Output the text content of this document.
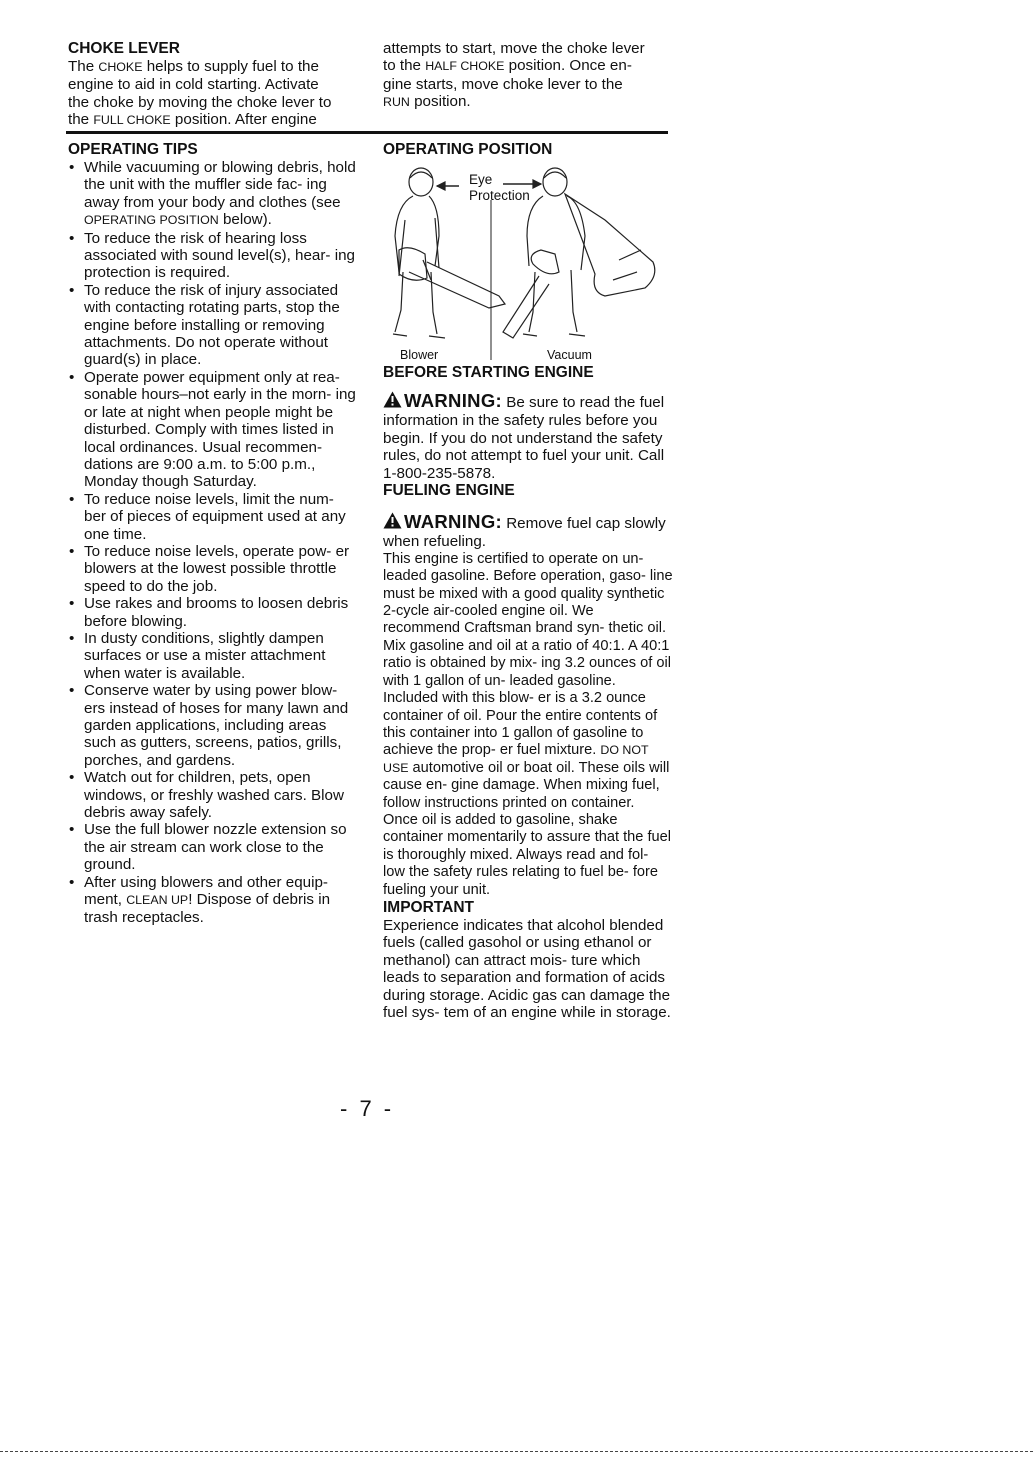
CHOKE LEVER

The CHOKE helps to supply fuel to the

engine to aid in cold starting. Activate

the choke by moving the choke lever to

the FULL CHOKE position. After engine

attempts to start, move the choke lever

to the HALF CHOKE position. Once en-

gine starts, move choke lever to the

RUN position.

OPERATING TIPS

• While vacuuming or blowing debris, hold the unit with the muffler side fac- ing away from your body and clothes (see OPERATING POSITION below).
• To reduce the risk of hearing loss associated with sound level(s), hear- ing protection is required.
• To reduce the risk of injury associated with contacting rotating parts, stop the engine before installing or removing attachments. Do not operate without guard(s) in place.
• Operate power equipment only at rea- sonable hours–not early in the morn- ing or late at night when people might be disturbed. Comply with times listed in local ordinances. Usual recommen- dations are 9:00 a.m. to 5:00 p.m., Monday though Saturday.
• To reduce noise levels, limit the num- ber of pieces of equipment used at any one time.
• To reduce noise levels, operate pow- er blowers at the lowest possible throttle speed to do the job.
• Use rakes and brooms to loosen debris before blowing.
• In dusty conditions, slightly dampen surfaces or use a mister attachment when water is available.
• Conserve water by using power blow- ers instead of hoses for many lawn and garden applications, including areas such as gutters, screens, patios, grills, porches, and gardens.
• Watch out for children, pets, open windows, or freshly washed cars. Blow debris away safely.
• Use the full blower nozzle extension so the air stream can work close to the ground.
• After using blowers and other equip- ment, CLEAN UP! Dispose of debris in trash receptacles.

OPERATING POSITION

Eye
Protection
Blower	Vacuum

BEFORE STARTING ENGINE

WARNING: Be sure to read the fuel information in the safety rules before you begin. If you do not understand the safety rules, do not attempt to fuel your unit. Call 1-800-235-5878.

FUELING ENGINE

WARNING: Remove fuel cap slowly when refueling.

This engine is certified to operate on un- leaded gasoline. Before operation, gaso- line must be mixed with a good quality synthetic 2-cycle air-cooled engine oil. We recommend Craftsman brand syn- thetic oil. Mix gasoline and oil at a ratio of 40:1. A 40:1 ratio is obtained by mix- ing 3.2 ounces of oil with 1 gallon of un- leaded gasoline. Included with this blow- er is a 3.2 ounce container of oil. Pour the entire contents of this container into 1 gallon of gasoline to achieve the prop- er fuel mixture. DO NOT USE automotive oil or boat oil. These oils will cause en- gine damage. When mixing fuel, follow instructions printed on container. Once oil is added to gasoline, shake container momentarily to assure that the fuel is thoroughly mixed. Always read and fol- low the safety rules relating to fuel be- fore fueling your unit.

IMPORTANT

Experience indicates that alcohol blended fuels (called gasohol or using ethanol or methanol) can attract mois- ture which leads to separation and formation of acids during storage. Acidic gas can damage the fuel sys- tem of an engine while in storage.

- 7 -
